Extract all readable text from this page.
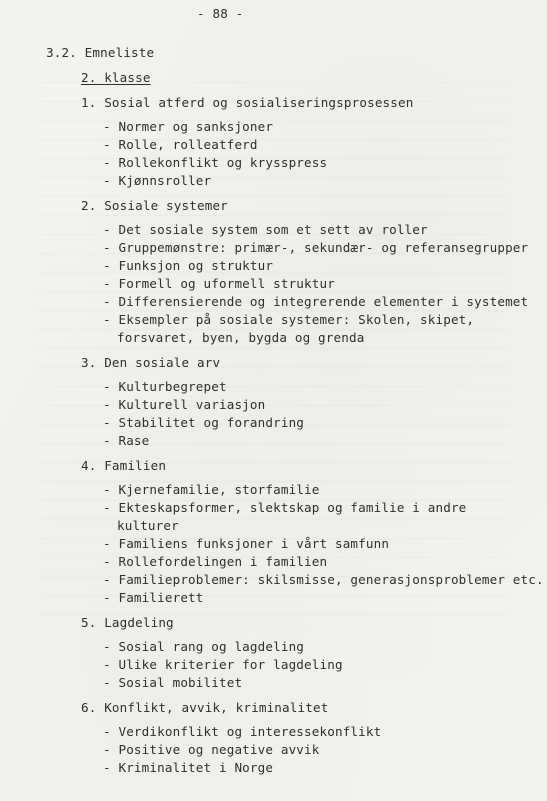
- 88 -
3.2. Emneliste
2. klasse
1. Sosial atferd og sosialiseringsprosessen
- Normer og sanksjoner
- Rolle, rolleatferd
- Rollekonflikt og krysspress
- Kjønnsroller
2. Sosiale systemer
- Det sosiale system som et sett av roller
- Gruppemønstre: primær-, sekundær- og referansegrupper
- Funksjon og struktur
- Formell og uformell struktur
- Differensierende og integrerende elementer i systemet
- Eksempler på sosiale systemer: Skolen, skipet,
forsvaret, byen, bygda og grenda
3. Den sosiale arv
- Kulturbegrepet
- Kulturell variasjon
- Stabilitet og forandring
- Rase
4. Familien
- Kjernefamilie, storfamilie
- Ekteskapsformer, slektskap og familie i andre
kulturer
- Familiens funksjoner i vårt samfunn
- Rollefordelingen i familien
- Familieproblemer: skilsmisse, generasjonsproblemer etc.
- Familierett
5. Lagdeling
- Sosial rang og lagdeling
- Ulike kriterier for lagdeling
- Sosial mobilitet
6. Konflikt, avvik, kriminalitet
- Verdikonflikt og interessekonflikt
- Positive og negative avvik
- Kriminalitet i Norge
